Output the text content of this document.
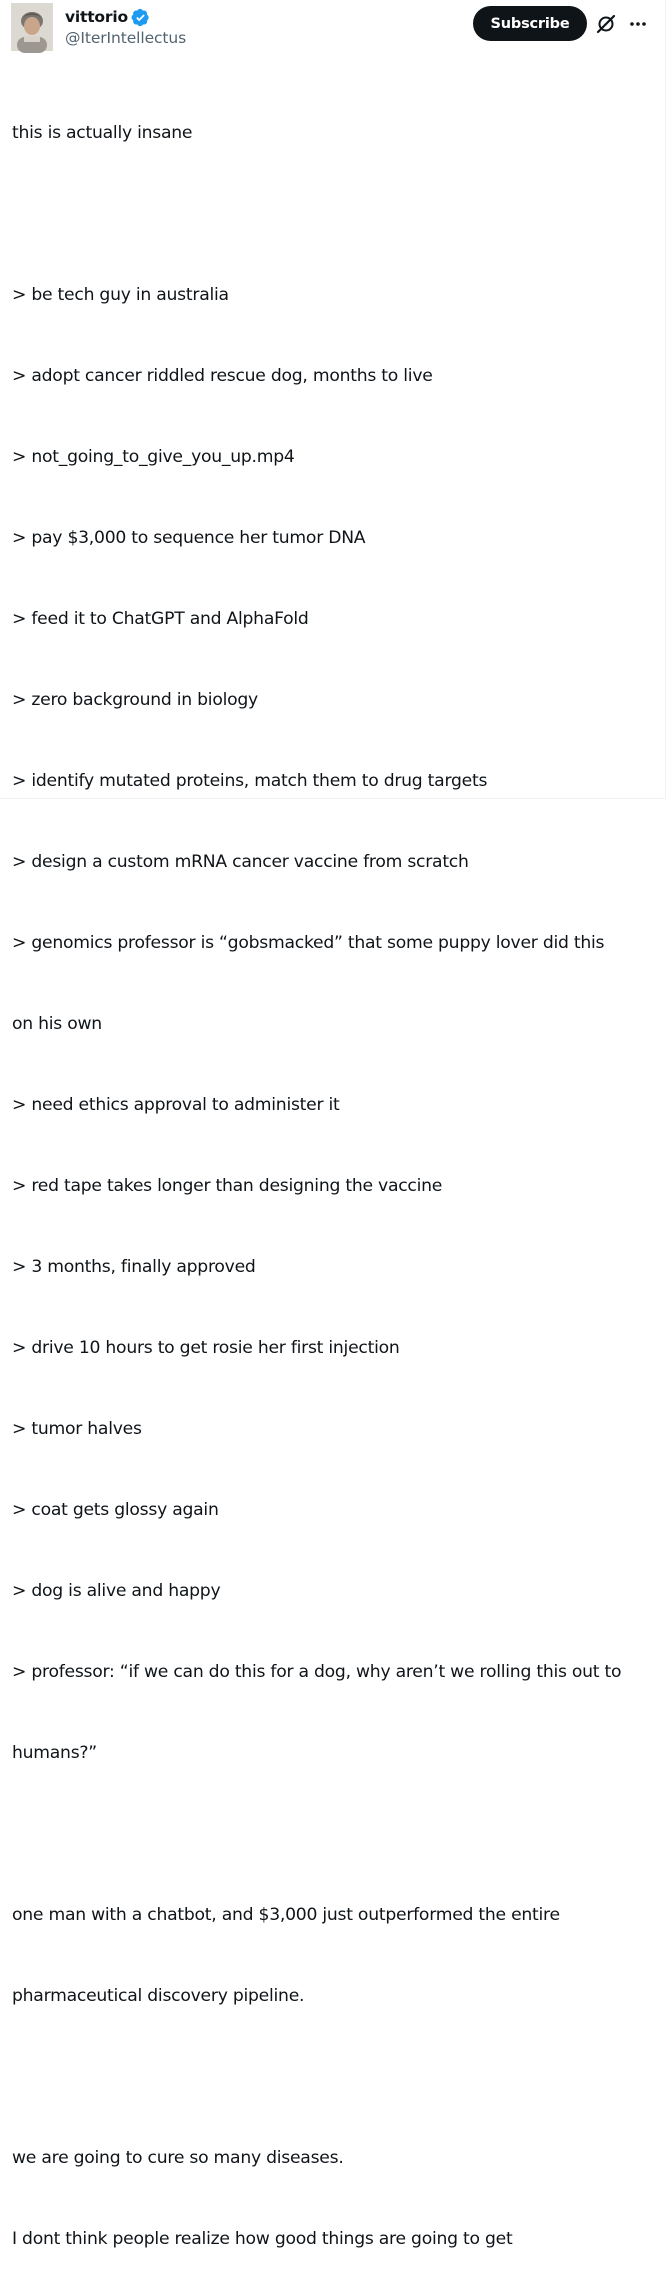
vittorio
@IterIntellectus
Subscribe

this is actually insane

> be tech guy in australia

> adopt cancer riddled rescue dog, months to live

> not_going_to_give_you_up.mp4

> pay $3,000 to sequence her tumor DNA

> feed it to ChatGPT and AlphaFold

> zero background in biology

> identify mutated proteins, match them to drug targets

> design a custom mRNA cancer vaccine from scratch

> genomics professor is “gobsmacked” that some puppy lover did this

on his own

> need ethics approval to administer it

> red tape takes longer than designing the vaccine

> 3 months, finally approved

> drive 10 hours to get rosie her first injection

> tumor halves

> coat gets glossy again

> dog is alive and happy

> professor: “if we can do this for a dog, why aren’t we rolling this out to

humans?”

one man with a chatbot, and $3,000 just outperformed the entire

pharmaceutical discovery pipeline.

we are going to cure so many diseases.

I dont think people realize how good things are going to get
